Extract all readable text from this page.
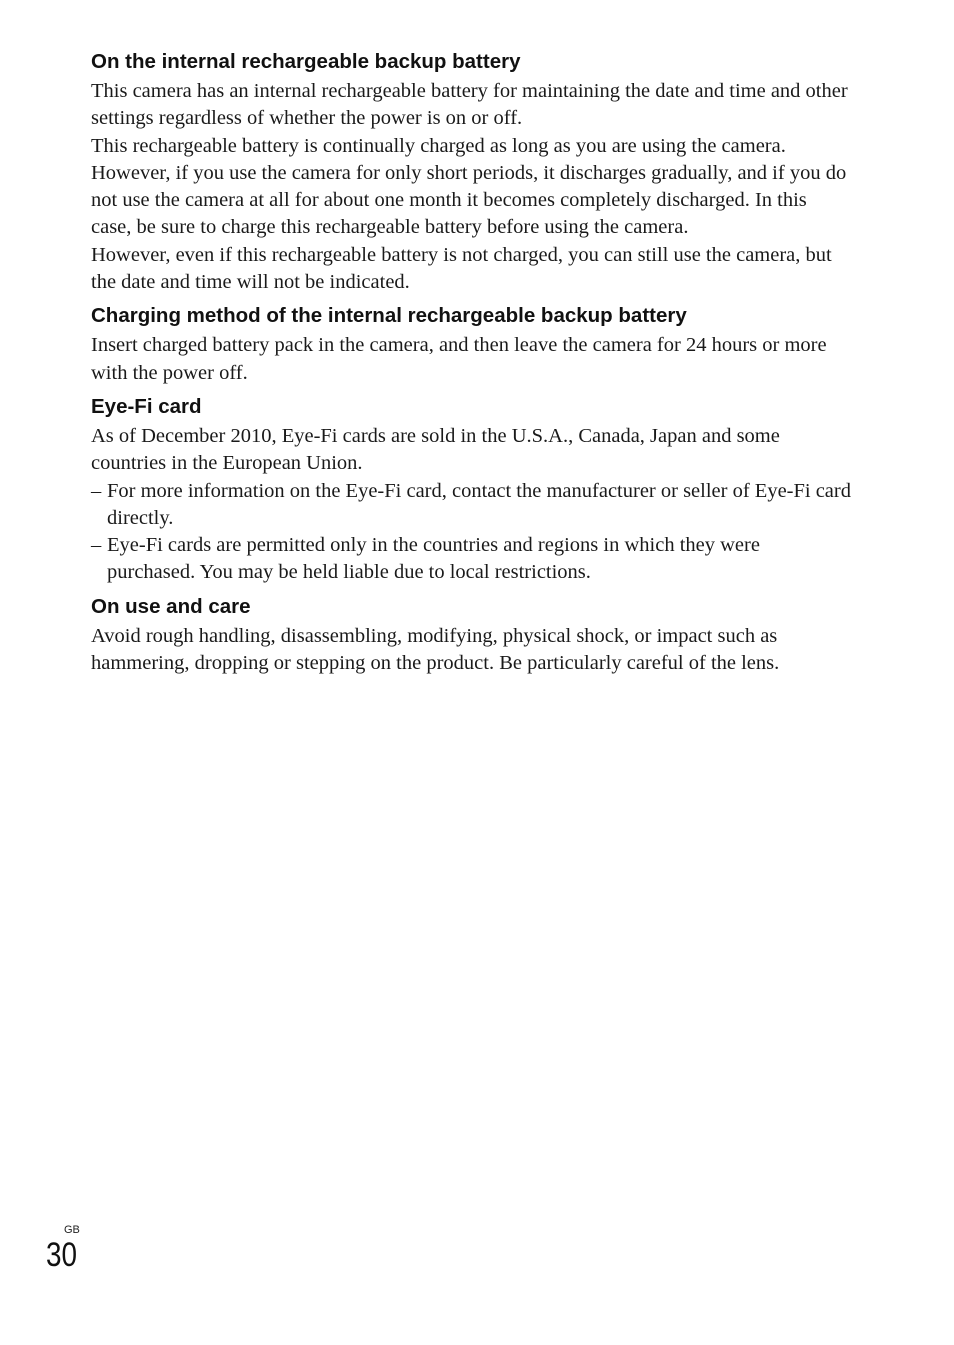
On the internal rechargeable backup battery

This camera has an internal rechargeable battery for maintaining the date and time and other settings regardless of whether the power is on or off.

This rechargeable battery is continually charged as long as you are using the camera. However, if you use the camera for only short periods, it discharges gradually, and if you do not use the camera at all for about one month it becomes completely discharged. In this case, be sure to charge this rechargeable battery before using the camera.

However, even if this rechargeable battery is not charged, you can still use the camera, but the date and time will not be indicated.

Charging method of the internal rechargeable backup battery

Insert charged battery pack in the camera, and then leave the camera for 24 hours or more with the power off.

Eye-Fi card

As of December 2010, Eye-Fi cards are sold in the U.S.A., Canada, Japan and some countries in the European Union.

– For more information on the Eye-Fi card, contact the manufacturer or seller of Eye-Fi card directly.
– Eye-Fi cards are permitted only in the countries and regions in which they were purchased. You may be held liable due to local restrictions.
On use and care

Avoid rough handling, disassembling, modifying, physical shock, or impact such as hammering, dropping or stepping on the product. Be particularly careful of the lens.

GB
30
